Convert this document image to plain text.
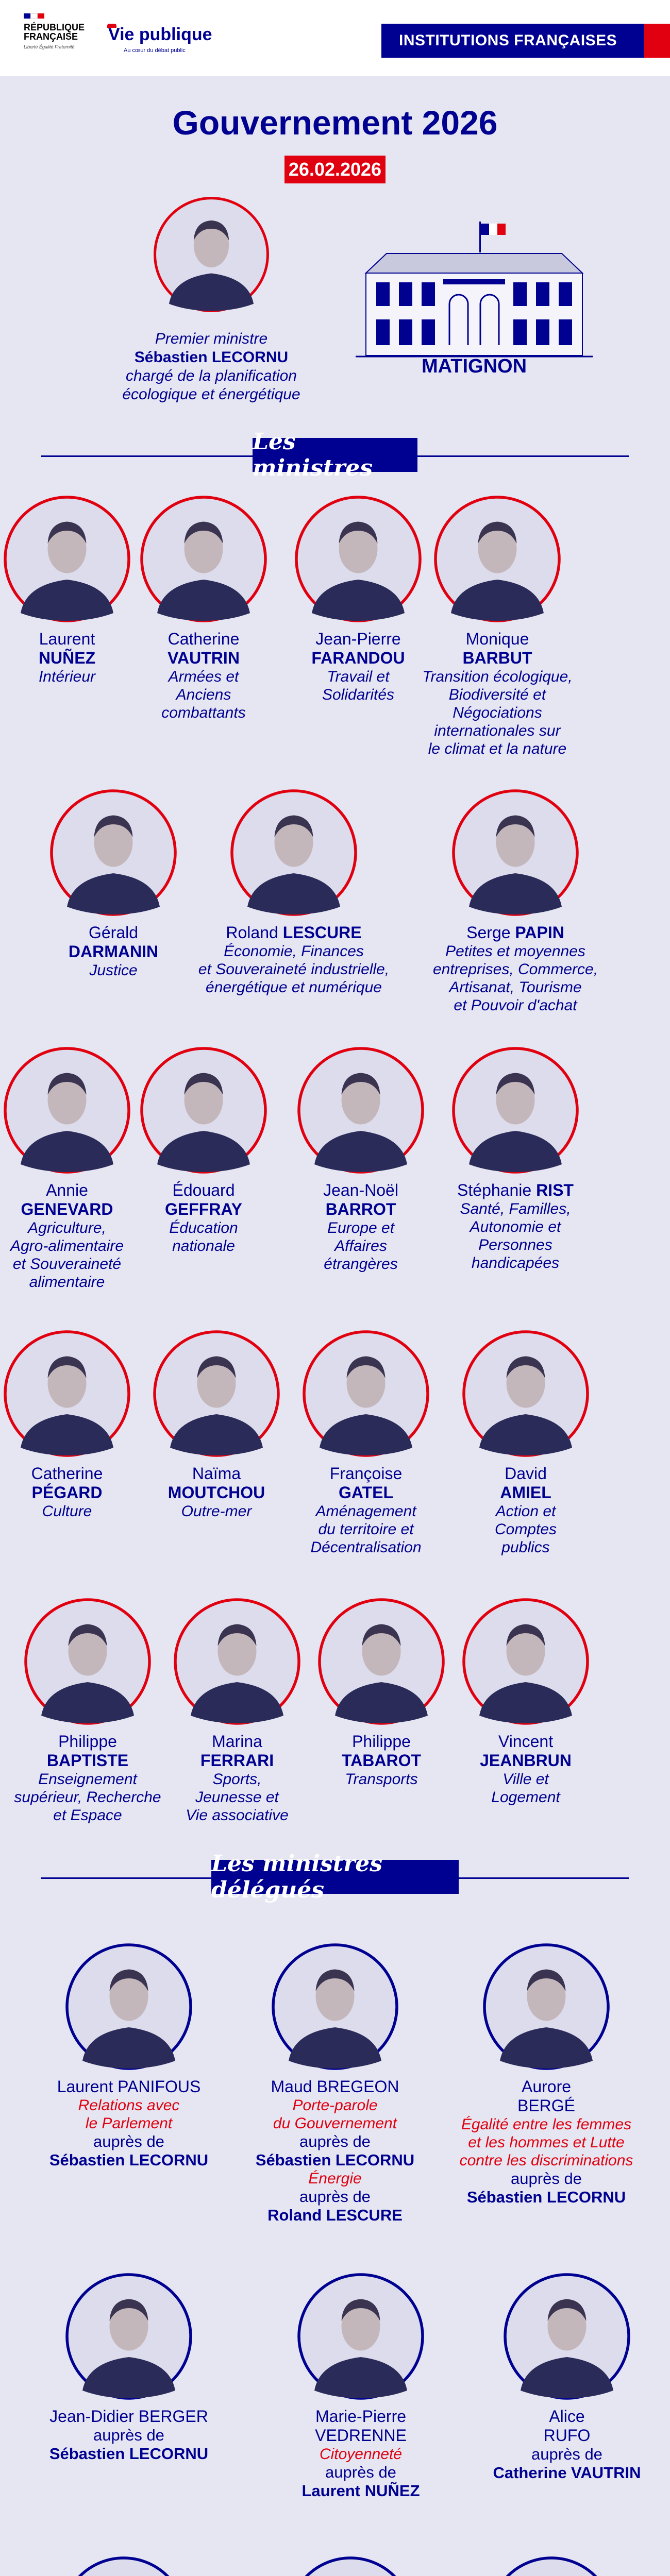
RÉPUBLIQUE
FRANÇAISE
Liberté Égalité Fraternité
Vie publique
Au cœur du débat public
INSTITUTIONS FRANÇAISES
Gouvernement 2026
26.02.2026
Premier ministre
Sébastien LECORNU
chargé de la planification
écologique et énergétique
MATIGNON
Les ministres
Laurent
NUÑEZ
Intérieur
Catherine
VAUTRIN
Armées et
Anciens combattants
Jean-Pierre
FARANDOU
Travail et
Solidarités
Monique
BARBUT
Transition écologique,
Biodiversité et
Négociations
internationales sur
le climat et la nature
Gérald
DARMANIN
Justice
Roland LESCURE
Économie, Finances
et Souveraineté industrielle,
énergétique et numérique
Serge PAPIN
Petites et moyennes
entreprises, Commerce,
Artisanat, Tourisme
et Pouvoir d'achat
Annie
GENEVARD
Agriculture,
Agro-alimentaire
et Souveraineté
alimentaire
Édouard
GEFFRAY
Éducation
nationale
Jean-Noël
BARROT
Europe et
Affaires
étrangères
Stéphanie RIST
Santé, Familles,
Autonomie et
Personnes
handicapées
Catherine
PÉGARD
Culture
Naïma
MOUTCHOU
Outre-mer
Françoise
GATEL
Aménagement
du territoire et
Décentralisation
David
AMIEL
Action et
Comptes
publics
Philippe
BAPTISTE
Enseignement
supérieur, Recherche
et Espace
Marina
FERRARI
Sports,
Jeunesse et
Vie associative
Philippe
TABAROT
Transports
Vincent
JEANBRUN
Ville et
Logement
Les ministres délégués
Laurent PANIFOUS
Relations avec
le Parlement
auprès de
Sébastien LECORNU
Maud BREGEON
Porte-parole
du Gouvernement
auprès de
Sébastien LECORNU
Énergie
auprès de
Roland LESCURE
Aurore
BERGÉ
Égalité entre les femmes
et les hommes et Lutte
contre les discriminations
auprès de
Sébastien LECORNU
Jean-Didier BERGER
auprès de
Sébastien LECORNU
Marie-Pierre
VEDRENNE
Citoyenneté
auprès de
Laurent NUÑEZ
Alice
RUFO
auprès de
Catherine VAUTRIN
